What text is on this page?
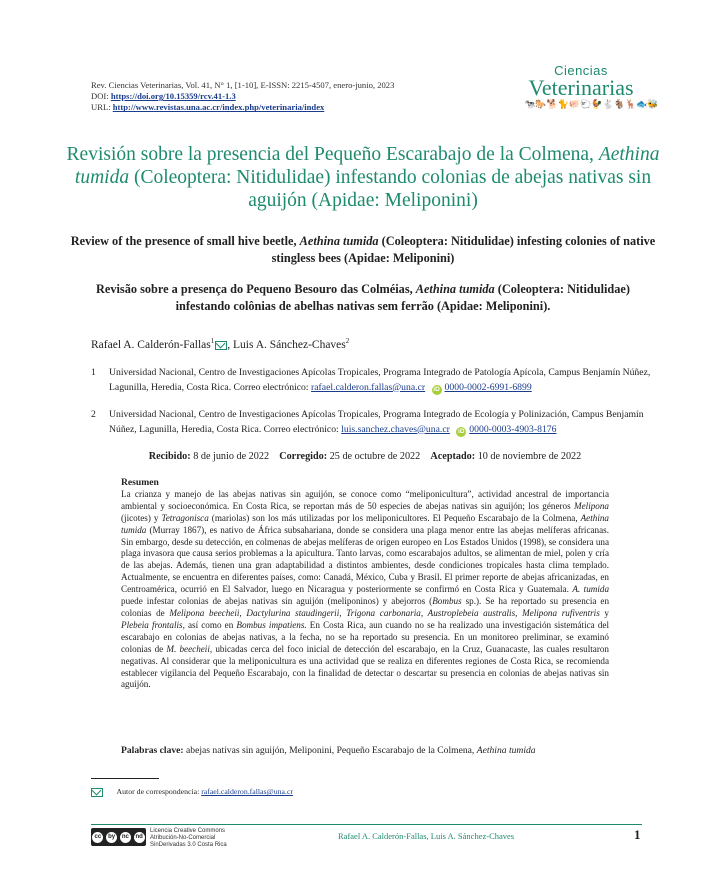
Rev. Ciencias Veterinarias, Vol. 41, N° 1, [1-10], E-ISSN: 2215-4507, enero-junio, 2023
DOI: https://doi.org/10.15359/rcv.41-1.3
URL: http://www.revistas.una.ac.cr/index.php/veterinaria/index
Ciencias
Veterinarias
🐄 🐎 🐕 🐈 🐖 🐑 🐓 🐇 🐐 🦌 🐟 🐝
Revisión sobre la presencia del Pequeño Escarabajo de la Colmena, Aethina tumida (Coleoptera: Nitidulidae) infestando colonias de abejas nativas sin aguijón (Apidae: Meliponini)
Review of the presence of small hive beetle, Aethina tumida (Coleoptera: Nitidulidae) infesting colonies of native stingless bees (Apidae: Meliponini)
Revisão sobre a presença do Pequeno Besouro das Colméias, Aethina tumida (Coleoptera: Nitidulidae) infestando colônias de abelhas nativas sem ferrão (Apidae: Meliponini).
Rafael A. Calderón-Fallas$^1$ , Luis A. Sánchez-Chaves$^2$
1 Universidad Nacional, Centro de Investigaciones Apícolas Tropicales, Programa Integrado de Patología Apícola, Campus Benjamín Núñez, Lagunilla, Heredia, Costa Rica. Correo electrónico: rafael.calderon.fallas@una.cr iD 0000-0002-6991-6899
2 Universidad Nacional, Centro de Investigaciones Apícolas Tropicales, Programa Integrado de Ecología y Polinización, Campus Benjamín Núñez, Lagunilla, Heredia, Costa Rica. Correo electrónico: luis.sanchez.chaves@una.cr iD 0000-0003-4903-8176
Recibido: 8 de junio de 2022 Corregido: 25 de octubre de 2022 Aceptado: 10 de noviembre de 2022
Resumen
La crianza y manejo de las abejas nativas sin aguijón, se conoce como “meliponicultura”, actividad ancestral de importancia ambiental y socioeconómica. En Costa Rica, se reportan más de 50 especies de abejas nativas sin aguijón; los géneros Melipona (jicotes) y Tetragonisca (mariolas) son los más utilizadas por los meliponicultores. El Pequeño Escarabajo de la Colmena, Aethina tumida (Murray 1867), es nativo de África subsahariana, donde se considera una plaga menor entre las abejas melíferas africanas. Sin embargo, desde su detección, en colmenas de abejas melíferas de origen europeo en Los Estados Unidos (1998), se considera una plaga invasora que causa serios problemas a la apicultura. Tanto larvas, como escarabajos adultos, se alimentan de miel, polen y cría de las abejas. Además, tienen una gran adaptabilidad a distintos ambientes, desde condiciones tropicales hasta clima templado. Actualmente, se encuentra en diferentes países, como: Canadá, México, Cuba y Brasil. El primer reporte de abejas africanizadas, en Centroamérica, ocurrió en El Salvador, luego en Nicaragua y posteriormente se confirmó en Costa Rica y Guatemala. A. tumida puede infestar colonias de abejas nativas sin aguijón (meliponinos) y abejorros (Bombus sp.). Se ha reportado su presencia en colonias de Melipona beecheii, Dactylurina staudingerii, Trigona carbonaria, Austroplebeia australis, Melipona rufiventris y Plebeia frontalis, así como en Bombus impatiens. En Costa Rica, aun cuando no se ha realizado una investigación sistemática del escarabajo en colonias de abejas nativas, a la fecha, no se ha reportado su presencia. En un monitoreo preliminar, se examinó colonias de M. beecheii, ubicadas cerca del foco inicial de detección del escarabajo, en la Cruz, Guanacaste, las cuales resultaron negativas. Al considerar que la meliponicultura es una actividad que se realiza en diferentes regiones de Costa Rica, se recomienda establecer vigilancia del Pequeño Escarabajo, con la finalidad de detectar o descartar su presencia en colonias de abejas nativas sin aguijón.
Palabras clave: abejas nativas sin aguijón, Meliponini, Pequeño Escarabajo de la Colmena, Aethina tumida
Autor de correspondencia: rafael.calderon.fallas@una.cr
cc	by	nc	nd
Licencia Creative Commons
Atribución-No-Comercial
SinDerivadas 3.0 Costa Rica
Rafael A. Calderón-Fallas, Luis A. Sánchez-Chaves	1
